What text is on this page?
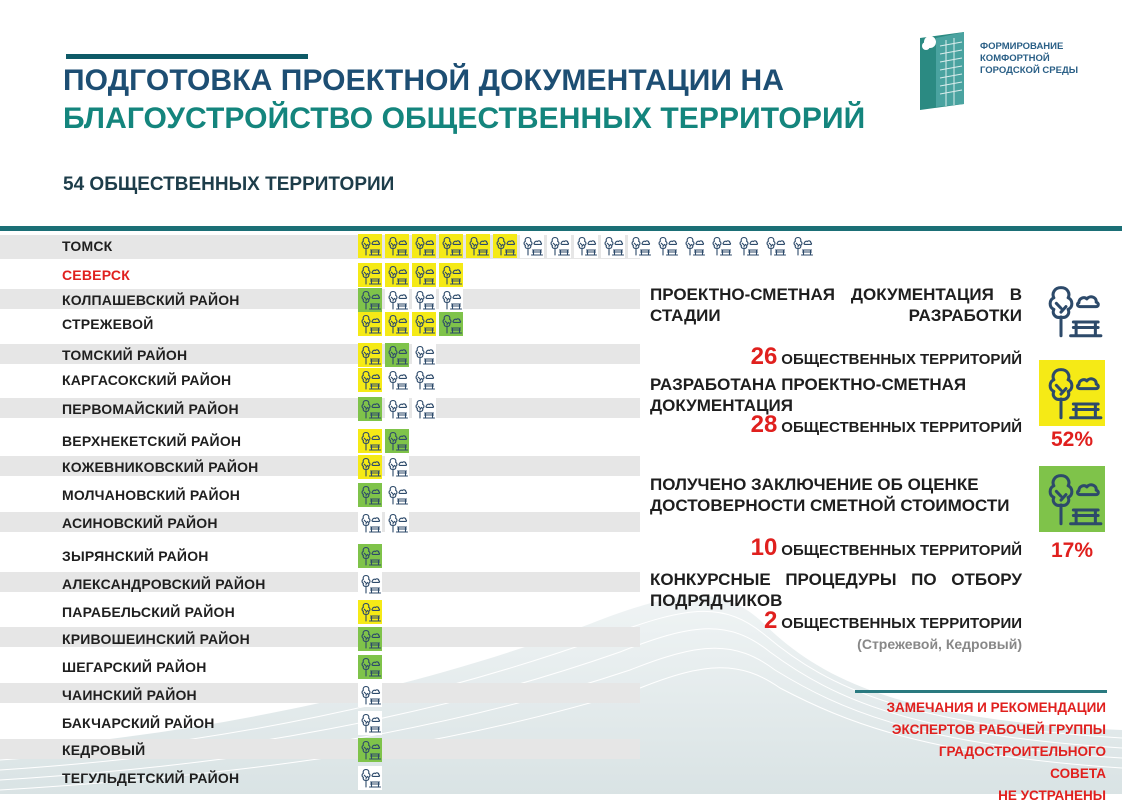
ПОДГОТОВКА ПРОЕКТНОЙ ДОКУМЕНТАЦИИ НА
БЛАГОУСТРОЙСТВО ОБЩЕСТВЕННЫХ ТЕРРИТОРИЙ
ФОРМИРОВАНИЕ
КОМФОРТНОЙ
ГОРОДСКОЙ СРЕДЫ
54 ОБЩЕСТВЕННЫХ ТЕРРИТОРИИ
ТОМСК
СЕВЕРСК
КОЛПАШЕВСКИЙ РАЙОН
СТРЕЖЕВОЙ
ТОМСКИЙ РАЙОН
КАРГАСОКСКИЙ РАЙОН
ПЕРВОМАЙСКИЙ РАЙОН
ВЕРХНЕКЕТСКИЙ РАЙОН
КОЖЕВНИКОВСКИЙ РАЙОН
МОЛЧАНОВСКИЙ РАЙОН
АСИНОВСКИЙ РАЙОН
ЗЫРЯНСКИЙ РАЙОН
АЛЕКСАНДРОВСКИЙ РАЙОН
ПАРАБЕЛЬСКИЙ РАЙОН
КРИВОШЕИНСКИЙ РАЙОН
ШЕГАРСКИЙ РАЙОН
ЧАИНСКИЙ РАЙОН
БАКЧАРСКИЙ РАЙОН
КЕДРОВЫЙ
ТЕГУЛЬДЕТСКИЙ РАЙОН
ПРОЕКТНО-СМЕТНАЯ ДОКУМЕНТАЦИЯ В СТАДИИ РАЗРАБОТКИ
26 ОБЩЕСТВЕННЫХ ТЕРРИТОРИЙ
РАЗРАБОТАНА ПРОЕКТНО-СМЕТНАЯ ДОКУМЕНТАЦИЯ
28 ОБЩЕСТВЕННЫХ ТЕРРИТОРИЙ
52%
ПОЛУЧЕНО ЗАКЛЮЧЕНИЕ ОБ ОЦЕНКЕ ДОСТОВЕРНОСТИ СМЕТНОЙ СТОИМОСТИ
10 ОБЩЕСТВЕННЫХ ТЕРРИТОРИЙ 17%
КОНКУРСНЫЕ ПРОЦЕДУРЫ ПО ОТБОРУ ПОДРЯДЧИКОВ
2 ОБЩЕСТВЕННЫХ ТЕРРИТОРИИ
(Стрежевой, Кедровый)
ЗАМЕЧАНИЯ И РЕКОМЕНДАЦИИ
ЭКСПЕРТОВ РАБОЧЕЙ ГРУППЫ
ГРАДОСТРОИТЕЛЬНОГО
СОВЕТА
НЕ УСТРАНЕНЫ
